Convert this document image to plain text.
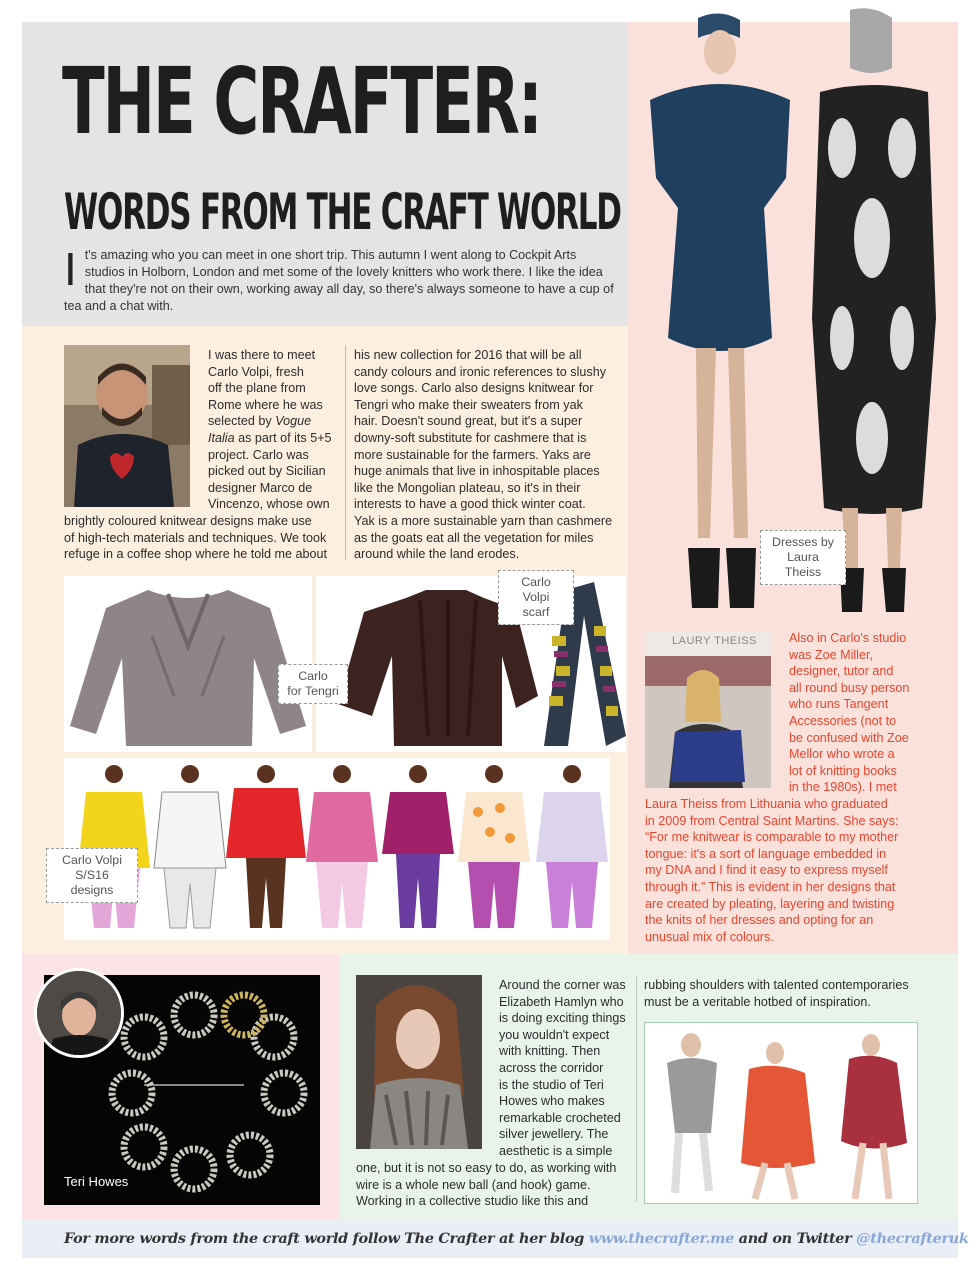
THE CRAFTER:
WORDS FROM THE CRAFT WORLD
It's amazing who you can meet in one short trip. This autumn I went along to Cockpit Arts studios in Holborn, London and met some of the lovely knitters who work there. I like the idea that they're not on their own, working away all day, so there's always someone to have a cup of tea and a chat with.
I was there to meet
Carlo Volpi, fresh
off the plane from
Rome where he was
selected by Vogue
Italia as part of its 5+5
project. Carlo was
picked out by Sicilian
designer Marco de
Vincenzo, whose own
brightly coloured knitwear designs make use
of high-tech materials and techniques. We took
refuge in a coffee shop where he told me about
his new collection for 2016 that will be all
candy colours and ironic references to slushy
love songs. Carlo also designs knitwear for
Tengri who make their sweaters from yak
hair. Doesn't sound great, but it's a super
downy-soft substitute for cashmere that is
more sustainable for the farmers. Yaks are
huge animals that live in inhospitable places
like the Mongolian plateau, so it's in their
interests to have a good thick winter coat.
Yak is a more sustainable yarn than cashmere
as the goats eat all the vegetation for miles
around while the land erodes.
Carlo
for Tengri
Carlo Volpi
scarf
Carlo Volpi
S/S16 designs
Dresses by
Laura Theiss
LAURY THEISS	Also in Carlo's studio
was Zoe Miller,
designer, tutor and
all round busy person
who runs Tangent
Accessories (not to
be confused with Zoe
Mellor who wrote a
lot of knitting books
in the 1980s). I met
Laura Theiss from Lithuania who graduated
in 2009 from Central Saint Martins. She says:
“For me knitwear is comparable to my mother
tongue: it's a sort of language embedded in
my DNA and I find it easy to express myself
through it.” This is evident in her designs that
are created by pleating, layering and twisting
the knits of her dresses and opting for an
unusual mix of colours.
Teri Howes
Around the corner was
Elizabeth Hamlyn who
is doing exciting things
you wouldn't expect
with knitting. Then
across the corridor
is the studio of Teri
Howes who makes
remarkable crocheted
silver jewellery. The
aesthetic is a simple
one, but it is not so easy to do, as working with
wire is a whole new ball (and hook) game.
Working in a collective studio like this and
rubbing shoulders with talented contemporaries
must be a veritable hotbed of inspiration.
For more words from the craft world follow The Crafter at her blog www.thecrafter.me and on Twitter @thecrafteruk
